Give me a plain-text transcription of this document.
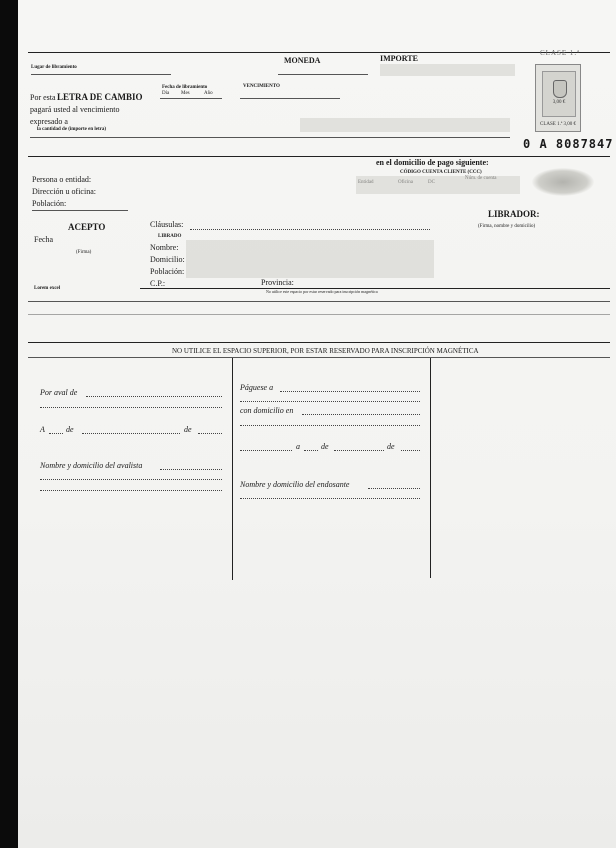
MONEDA	IMPORTE
CLASE 1.ª
Lugar de libramiento
3,00 €
CLASE 1.ª 3,00 €
0 A 8087847
Fecha de libramiento
Día Mes	Año
VENCIMIENTO
Por esta LETRA DE CAMBIO
pagará usted al vencimiento
expresado a
la cantidad de (importe en letra)
en el domicilio de pago siguiente:
CÓDIGO CUENTA CLIENTE (CCC)
Persona o entidad:
Dirección u oficina:
Población:
ACEPTO
Fecha
(Firma)
Cláusulas:
LIBRADO
Nombre:
Domicilio:
Población:
C.P.:	Provincia:
LIBRADOR:
(Firma, nombre y domicilio)
Lorem excel
No utilice este espacio por estar reservado para inscripción magnética
NO UTILICE EL ESPACIO SUPERIOR, POR ESTAR RESERVADO PARA INSCRIPCIÓN MAGNÉTICA
Por aval de
A	de	de
Nombre y domicilio del avalista
Páguese a
con domicilio en
a	de	de
Nombre y domicilio del endosante
